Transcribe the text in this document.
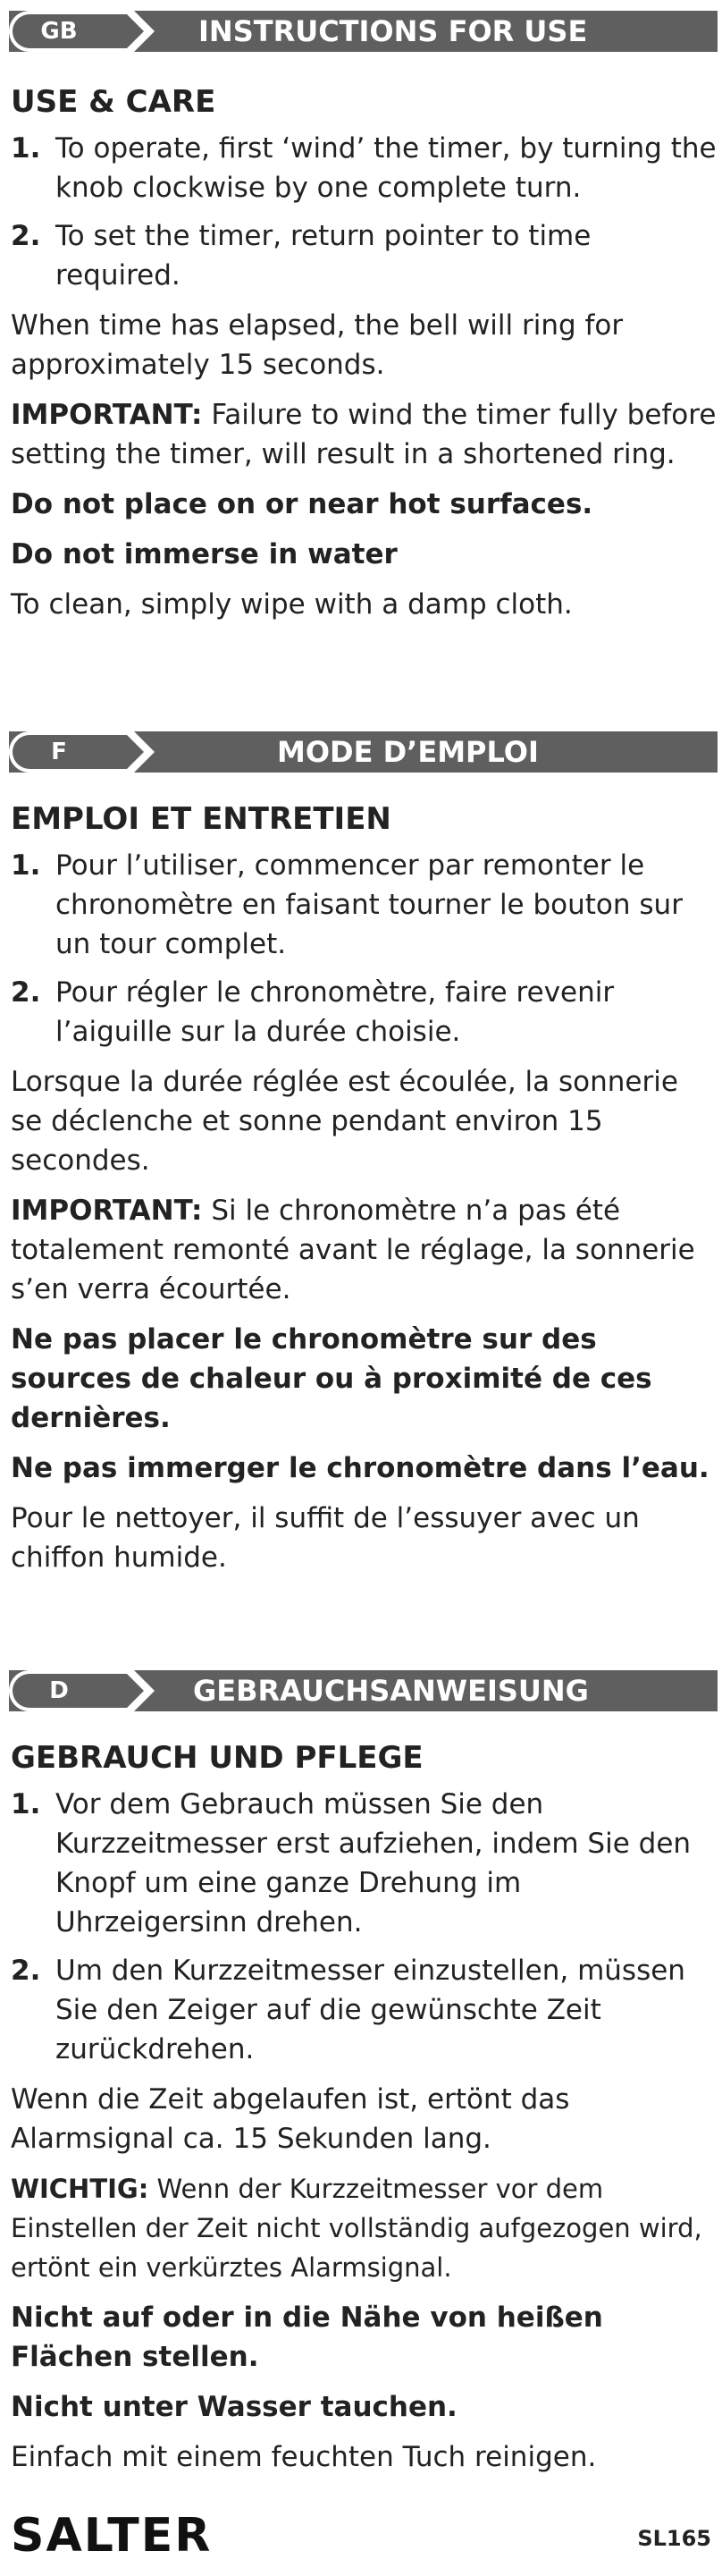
GB	INSTRUCTIONS FOR USE
USE & CARE
1. To operate, first ‘wind’ the timer, by turning the knob clockwise by one complete turn.
2. To set the timer, return pointer to time required.
When time has elapsed, the bell will ring for approximately 15 seconds.
IMPORTANT: Failure to wind the timer fully before setting the timer, will result in a shortened ring.
Do not place on or near hot surfaces.
Do not immerse in water
To clean, simply wipe with a damp cloth.
F	MODE D’EMPLOI
EMPLOI ET ENTRETIEN
1. Pour l’utiliser, commencer par remonter le chronomètre en faisant tourner le bouton sur un tour complet.
2. Pour régler le chronomètre, faire revenir l’aiguille sur la durée choisie.
Lorsque la durée réglée est écoulée, la sonnerie se déclenche et sonne pendant environ 15 secondes.
IMPORTANT: Si le chronomètre n’a pas été totalement remonté avant le réglage, la sonnerie s’en verra écourtée.
Ne pas placer le chronomètre sur des sources de chaleur ou à proximité de ces dernières.
Ne pas immerger le chronomètre dans l’eau.
Pour le nettoyer, il suffit de l’essuyer avec un chiffon humide.
D	GEBRAUCHSANWEISUNG
GEBRAUCH UND PFLEGE
1. Vor dem Gebrauch müssen Sie den Kurzzeitmesser erst aufziehen, indem Sie den Knopf um eine ganze Drehung im Uhrzeigersinn drehen.
2. Um den Kurzzeitmesser einzustellen, müssen Sie den Zeiger auf die gewünschte Zeit zurückdrehen.
Wenn die Zeit abgelaufen ist, ertönt das Alarmsignal ca. 15 Sekunden lang.
WICHTIG: Wenn der Kurzzeitmesser vor dem Einstellen der Zeit nicht vollständig aufgezogen wird, ertönt ein verkürztes Alarmsignal.
Nicht auf oder in die Nähe von heißen Flächen stellen.
Nicht unter Wasser tauchen.
Einfach mit einem feuchten Tuch reinigen.
SALTER	SL165
